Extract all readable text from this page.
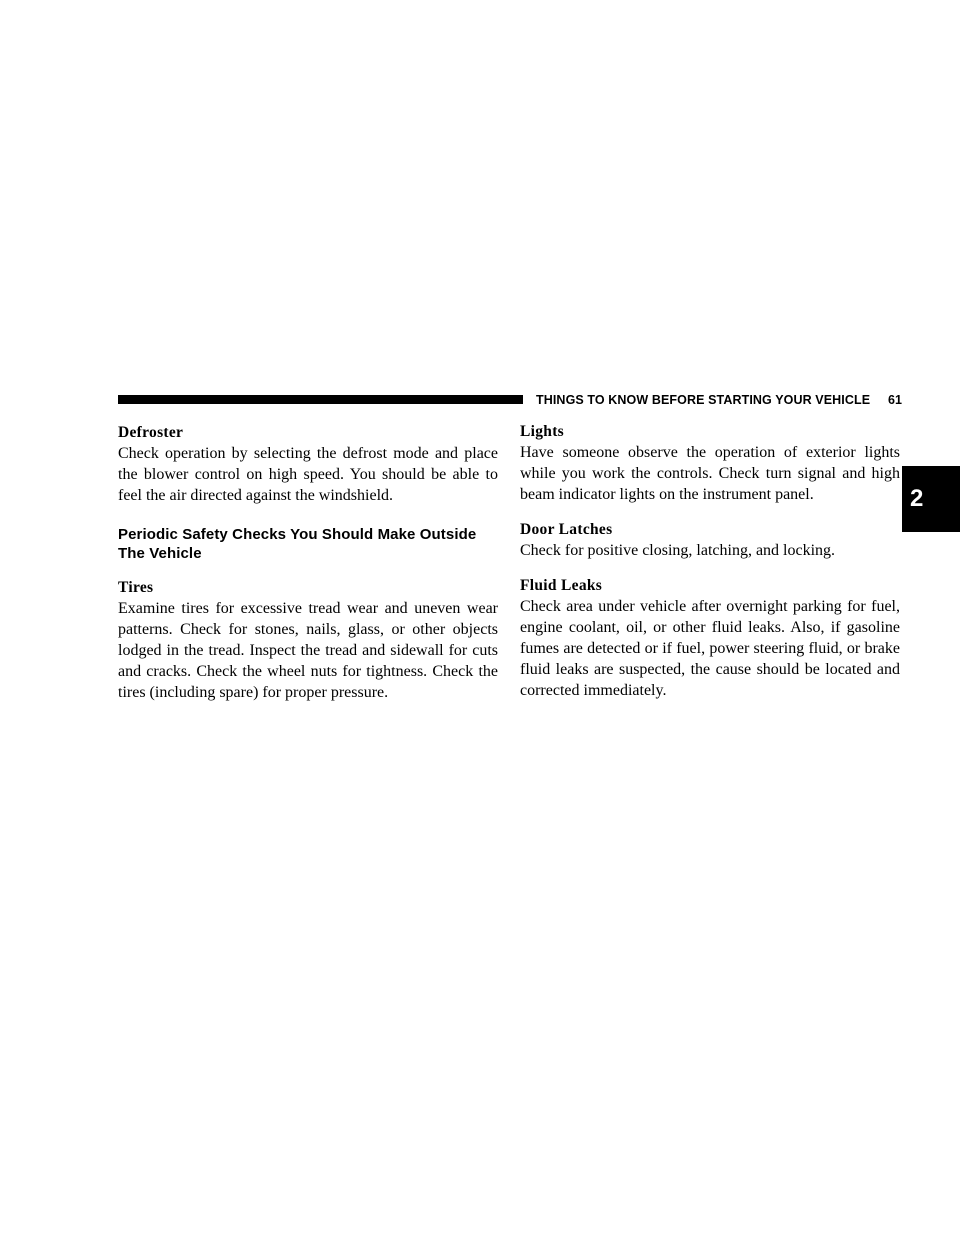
THINGS TO KNOW BEFORE STARTING YOUR VEHICLE 61
2

Defroster

Check operation by selecting the defrost mode and place the blower control on high speed. You should be able to feel the air directed against the windshield.

Periodic Safety Checks You Should Make Outside The Vehicle

Tires

Examine tires for excessive tread wear and uneven wear patterns. Check for stones, nails, glass, or other objects lodged in the tread. Inspect the tread and sidewall for cuts and cracks. Check the wheel nuts for tightness. Check the tires (including spare) for proper pressure.

Lights

Have someone observe the operation of exterior lights while you work the controls. Check turn signal and high beam indicator lights on the instrument panel.

Door Latches

Check for positive closing, latching, and locking.

Fluid Leaks

Check area under vehicle after overnight parking for fuel, engine coolant, oil, or other fluid leaks. Also, if gasoline fumes are detected or if fuel, power steering fluid, or brake fluid leaks are suspected, the cause should be located and corrected immediately.
